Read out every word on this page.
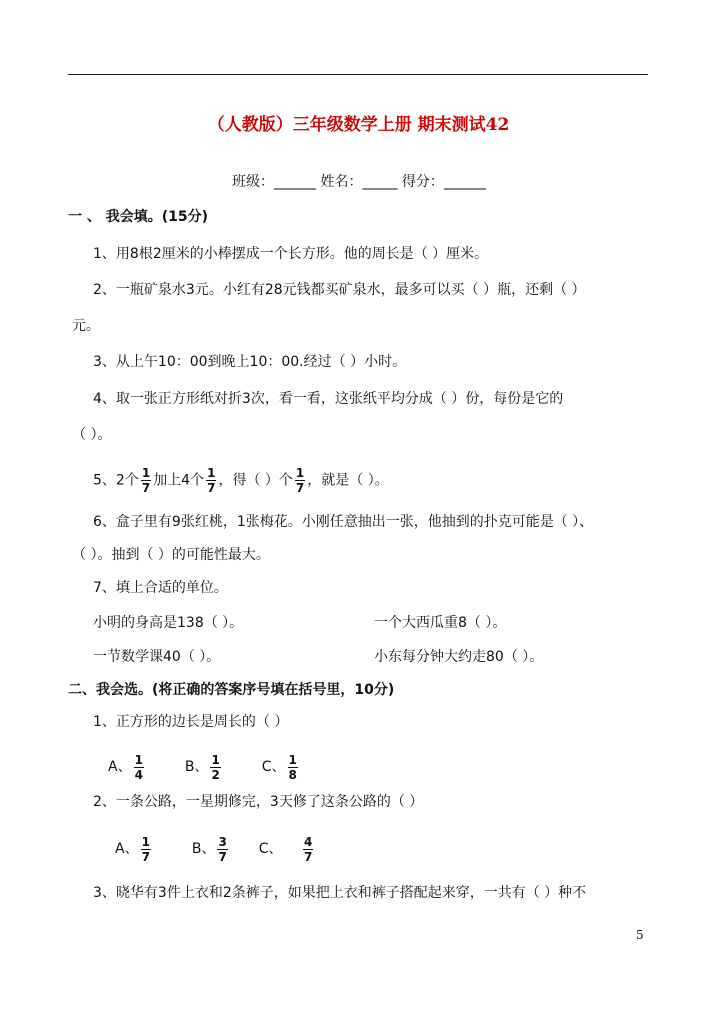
（人教版）三年级数学上册 期末测试42
班级：______ 姓名：_____ 得分：______
一 、 我会填。(15分)
1、用8根2厘米的小棒摆成一个长方形。他的周长是（ ）厘米。
2、一瓶矿泉水3元。小红有28元钱都买矿泉水，最多可以买（ ）瓶，还剩（ ）
元。
3、从上午10：00到晚上10：00.经过（ ）小时。
4、取一张正方形纸对折3次，看一看，这张纸平均分成（ ）份，每份是它的
（ ）。
5、2个 $\frac{1}{7}$ 加上4个 $\frac{1}{7}$ ，得（ ）个 $\frac{1}{7}$ ，就是（ ）。
6、盒子里有9张红桃，1张梅花。小刚任意抽出一张，他抽到的扑克可能是（ ）、
（ ）。抽到（ ）的可能性最大。
7、填上合适的单位。
小明的身高是138（ ）。	一个大西瓜重8（ ）。
一节数学课40（ ）。	小东每分钟大约走80（ ）。
二、我会选。(将正确的答案序号填在括号里，10分)
1、正方形的边长是周长的（ ）
A、 $\frac{1}{4}$	B、 $\frac{1}{2}$	C、 $\frac{1}{8}$
2、一条公路，一星期修完，3天修了这条公路的（ ）
A、 $\frac{1}{7}$	B、 $\frac{3}{7}$ C、 $\frac{4}{7}$
3、晓华有3件上衣和2条裤子，如果把上衣和裤子搭配起来穿，一共有（ ）种不
5
